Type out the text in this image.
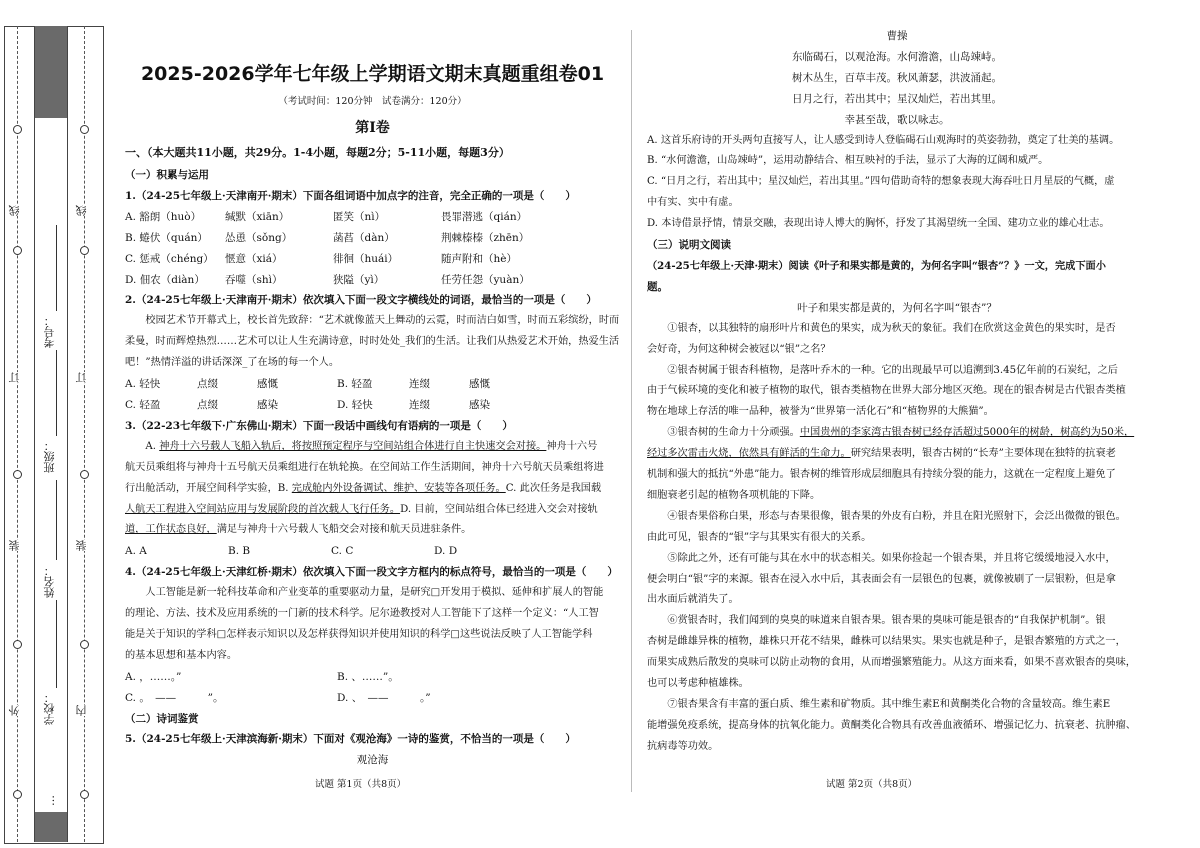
外
装
订
线
内
装
订
线
学校：
姓名：
班级：
考号：
…

2025-2026学年七年级上学期语文期末真题重组卷01

（考试时间：120分钟　试卷满分：120分）

第Ⅰ卷

一、（本大题共11小题，共29分。1-4小题，每题2分；5-11小题，每题3分）

（一）积累与运用

1.（24-25七年级上·天津南开·期末）下面各组词语中加点字的注音，完全正确的一项是（　　）

A. 豁朗（huò）	缄默（xiān）	匿笑（nì）	畏罪潜逃（qián）
B. 蜷伏（quán）	怂恿（sǒng）	菡萏（dàn）	荆棘榛榛（zhēn）
C. 惩戒（chéng）	惬意（xiá）	徘徊（huái）	随声附和（hè）
D. 佃农（diàn）	吞噬（shì）	狭隘（yì）	任劳任怨（yuàn）

2.（24-25七年级上·天津南开·期末）依次填入下面一段文字横线处的词语，最恰当的一项是（　　）

校园艺术节开幕式上，校长首先致辞：“艺术就像蓝天上舞动的云霓，时而洁白如雪，时而五彩缤纷，时而

柔曼，时而辉煌热烈……艺术可以让人生充满诗意，时时处处_我们的生活。让我们从热爱艺术开始，热爱生活

吧！”热情洋溢的讲话深深_了在场的每一个人。

A. 轻快	点缀	感慨	B. 轻盈	连缀	感慨
C. 轻盈	点缀	感染	D. 轻快	连缀	感染

3.（22-23七年级下·广东佛山·期末）下面一段话中画线句有语病的一项是（　　）

A. 神舟十六号载人飞船入轨后，将按照预定程序与空间站组合体进行自主快速交会对接。神舟十六号

航天员乘组将与神舟十五号航天员乘组进行在轨轮换。在空间站工作生活期间，神舟十六号航天员乘组将进

行出舱活动，开展空间科学实验，B. 完成舱内外设备调试、维护、安装等各项任务。C. 此次任务是我国载

人航天工程进入空间站应用与发展阶段的首次载人飞行任务。D. 目前，空间站组合体已经进入交会对接轨

道，工作状态良好，满足与神舟十六号载人飞船交会对接和航天员进驻条件。

A. A	B. B	C. C	D. D

4.（24-25七年级上·天津红桥·期末）依次填入下面一段文字方框内的标点符号，最恰当的一项是（　　）

人工智能是新一轮科技革命和产业变革的重要驱动力量，是研究□开发用于模拟、延伸和扩展人的智能

的理论、方法、技术及应用系统的一门新的技术科学。尼尔逊教授对人工智能下了这样一个定义：“人工智

能是关于知识的学科□怎样表示知识以及怎样获得知识并使用知识的科学□这些说法反映了人工智能学科

的基本思想和基本内容。

A. ，……。”	B. 、……”。
C. 。　——　　　”。	D. 、　——　　　。”

（二）诗词鉴赏

5.（24-25七年级上·天津滨海新·期末）下面对《观沧海》一诗的鉴赏，不恰当的一项是（　　）

观沧海

试题 第1页（共8页）

曹操

东临碣石，以观沧海。水何澹澹，山岛竦峙。

树木丛生，百草丰茂。秋风萧瑟，洪波涌起。

日月之行，若出其中；星汉灿烂，若出其里。

幸甚至哉，歌以咏志。

A. 这首乐府诗的开头两句直接写人，让人感受到诗人登临碣石山观海时的英姿勃勃，奠定了壮美的基调。

B. “水何澹澹，山岛竦峙”，运用动静结合、相互映衬的手法，显示了大海的辽阔和威严。

C. “日月之行，若出其中；星汉灿烂，若出其里。”四句借助奇特的想象表现大海吞吐日月星辰的气概，虚

中有实、实中有虚。

D. 本诗借景抒情，情景交融，表现出诗人博大的胸怀，抒发了其渴望统一全国、建功立业的雄心壮志。

（三）说明文阅读

（24-25七年级上·天津·期末）阅读《叶子和果实都是黄的，为何名字叫“银杏”？》一文，完成下面小

题。

叶子和果实都是黄的，为何名字叫“银杏”？

①银杏，以其独特的扇形叶片和黄色的果实，成为秋天的象征。我们在欣赏这金黄色的果实时，是否

会好奇，为何这种树会被冠以“银”之名？

②银杏树属于银杏科植物，是落叶乔木的一种。它的出现最早可以追溯到3.45亿年前的石炭纪，之后

由于气候环境的变化和被子植物的取代，银杏类植物在世界大部分地区灭绝。现在的银杏树是古代银杏类植

物在地球上存活的唯一品种，被誉为“世界第一活化石”和“植物界的大熊猫”。

③银杏树的生命力十分顽强。中国贵州的李家湾古银杏树已经存活超过5000年的树龄，树高约为50米，

经过多次雷击火烧，依然具有鲜活的生命力。研究结果表明，银杏古树的“长寿”主要体现在独特的抗衰老

机制和强大的抵抗“外患”能力。银杏树的维管形成层细胞具有持续分裂的能力，这就在一定程度上避免了

细胞衰老引起的植物各项机能的下降。

④银杏果俗称白果，形态与杏果很像，银杏果的外皮有白粉，并且在阳光照射下，会泛出微微的银色。

由此可见，银杏的“银”字与其果实有很大的关系。

⑤除此之外，还有可能与其在水中的状态相关。如果你捡起一个银杏果，并且将它缓缓地浸入水中，

便会明白“银”字的来源。银杏在浸入水中后，其表面会有一层银色的包裹，就像被刷了一层银粉，但是拿

出水面后就消失了。

⑥赏银杏时，我们闻到的臭臭的味道来自银杏果。银杏果的臭味可能是银杏的“自我保护机制”。银

杏树是雌雄异株的植物，雄株只开花不结果，雌株可以结果实。果实也就是种子，是银杏繁殖的方式之一，

而果实成熟后散发的臭味可以防止动物的食用，从而增强繁殖能力。从这方面来看，如果不喜欢银杏的臭味，

也可以考虑种植雄株。

⑦银杏果含有丰富的蛋白质、维生素和矿物质。其中维生素E和黄酮类化合物的含量较高。维生素E

能增强免疫系统，提高身体的抗氧化能力。黄酮类化合物具有改善血液循环、增强记忆力、抗衰老、抗肿瘤、

抗病毒等功效。

试题 第2页（共8页）
